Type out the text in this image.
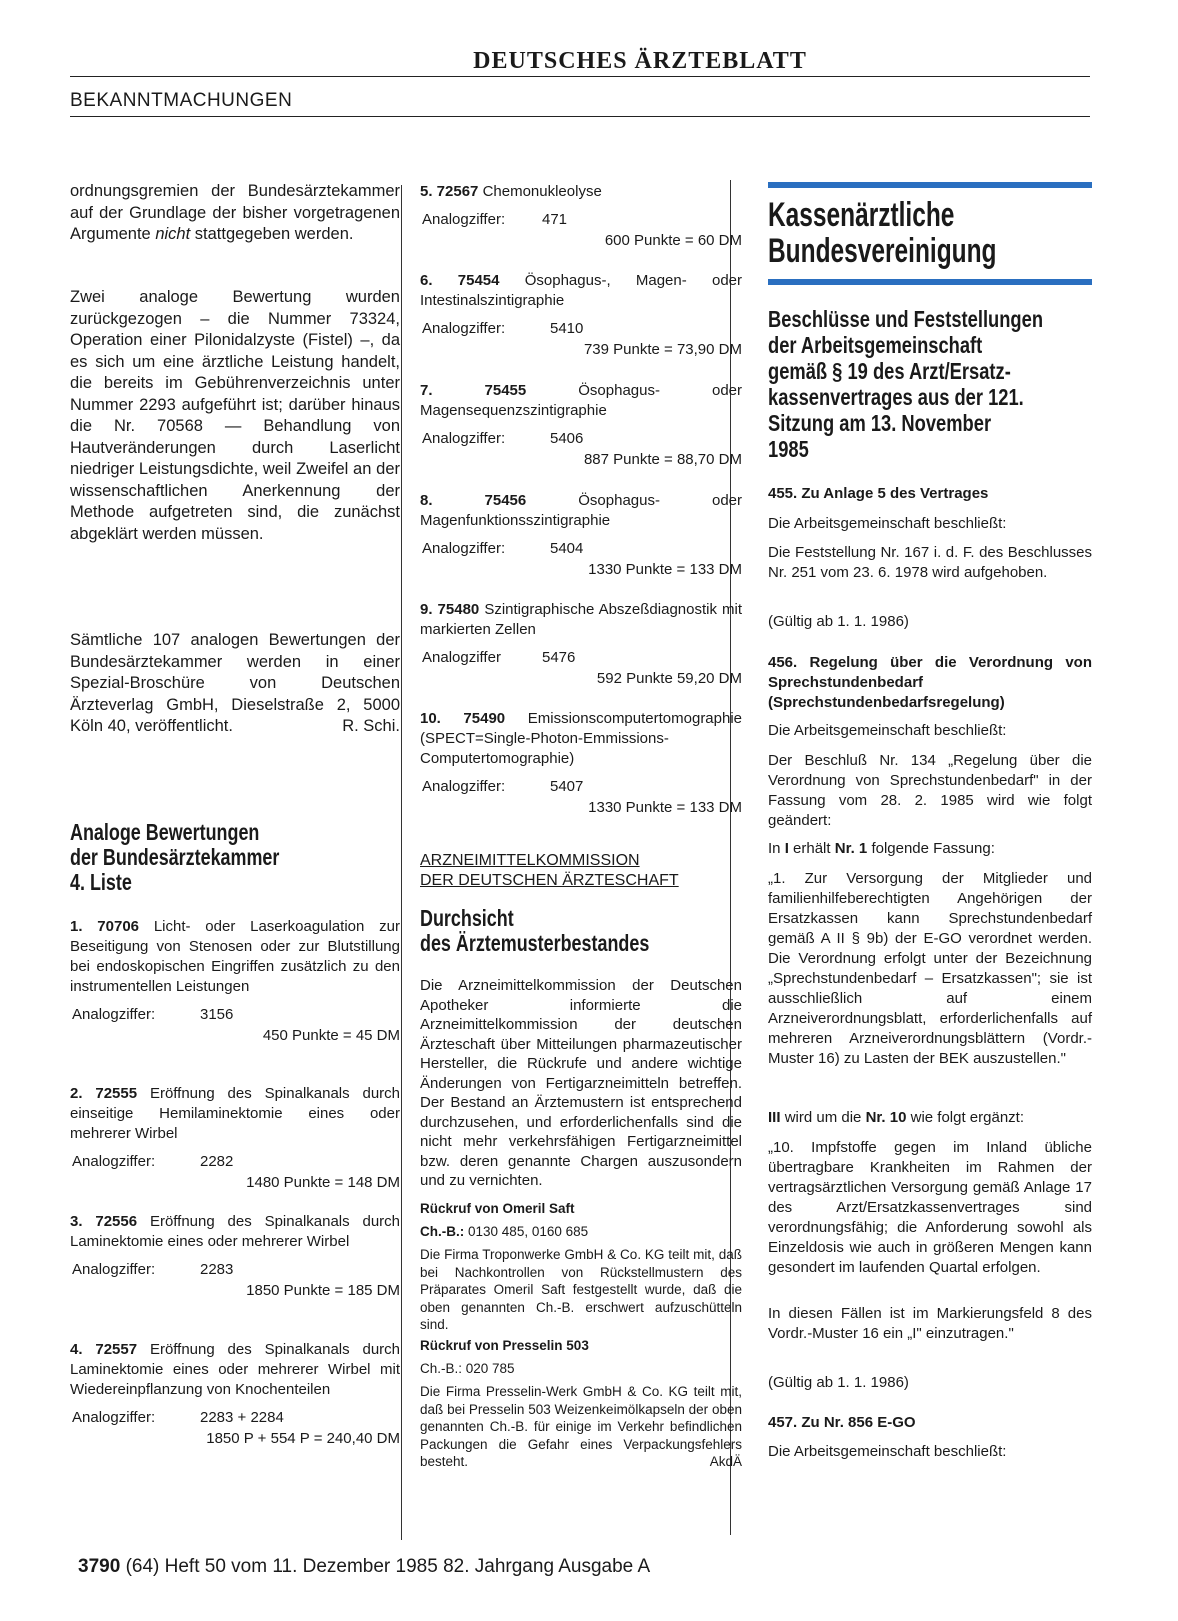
DEUTSCHES ÄRZTEBLATT
BEKANNTMACHUNGEN

ordnungsgremien der Bundesärztekammer auf der Grundlage der bisher vorgetragenen Argumente nicht stattgegeben werden.

Zwei analoge Bewertung wurden zurückgezogen – die Nummer 73324, Operation einer Pilonidalzyste (Fistel) –, da es sich um eine ärztliche Leistung handelt, die bereits im Gebührenverzeichnis unter Nummer 2293 aufgeführt ist; darüber hinaus die Nr. 70568 — Behandlung von Hautveränderungen durch Laserlicht niedriger Leistungsdichte, weil Zweifel an der wissenschaftlichen Anerkennung der Methode aufgetreten sind, die zunächst abgeklärt werden müssen.

Sämtliche 107 analogen Bewertungen der Bundesärztekammer werden in einer Spezial-Broschüre von Deutschen Ärzteverlag GmbH, Dieselstraße 2, 5000 Köln 40, veröffentlicht.	R. Schi.

Analoge Bewertungen
der Bundesärztekammer
4. Liste

1. 70706 Licht- oder Laserkoagulation zur Beseitigung von Stenosen oder zur Blutstillung bei endoskopischen Eingriffen zusätzlich zu den instrumentellen Leistungen

Analogziffer:	3156
450 Punkte = 45 DM

2. 72555 Eröffnung des Spinalkanals durch einseitige Hemilaminektomie eines oder mehrerer Wirbel

Analogziffer:	2282
1480 Punkte = 148 DM

3. 72556 Eröffnung des Spinalkanals durch Laminektomie eines oder mehrerer Wirbel

Analogziffer:	2283
1850 Punkte = 185 DM

4. 72557 Eröffnung des Spinalkanals durch Laminektomie eines oder mehrerer Wirbel mit Wiedereinpflanzung von Knochenteilen

Analogziffer:	2283 + 2284
1850 P + 554 P = 240,40 DM

5. 72567 Chemonukleolyse

Analogziffer: 471
600 Punkte = 60 DM

6. 75454 Ösophagus-, Magen- oder Intestinalszintigraphie

Analogziffer:	5410
739 Punkte = 73,90 DM

7. 75455	Ösophagus- oder Magensequenzszintigraphie

Analogziffer:	5406
887 Punkte = 88,70 DM

8. 75456	Ösophagus- oder Magenfunktionsszintigraphie

Analogziffer:	5404
1330 Punkte = 133 DM

9. 75480 Szintigraphische Abszeßdiagnostik mit markierten Zellen

Analogziffer	5476
592 Punkte 59,20 DM

10. 75490 Emissionscomputertomographie (SPECT=Single-Photon-Emmissions-Computertomographie)

Analogziffer:	5407
1330 Punkte = 133 DM
ARZNEIMITTELKOMMISSION
DER DEUTSCHEN ÄRZTESCHAFT
Durchsicht
des Ärztemusterbestandes

Die Arzneimittelkommission der Deutschen Apotheker informierte die Arzneimittelkommission der deutschen Ärzteschaft über Mitteilungen pharmazeutischer Hersteller, die Rückrufe und andere wichtige Änderungen von Fertigarzneimitteln betreffen. Der Bestand an Ärztemustern ist entsprechend durchzusehen, und erforderlichenfalls sind die nicht mehr verkehrsfähigen Fertigarzneimittel bzw. deren genannte Chargen auszusondern und zu vernichten.

Rückruf von Omeril Saft

Ch.-B.: 0130 485, 0160 685

Die Firma Troponwerke GmbH & Co. KG teilt mit, daß bei Nachkontrollen von Rückstellmustern des Präparates Omeril Saft festgestellt wurde, daß die oben genannten Ch.-B. erschwert aufzuschütteln sind.

Rückruf von Presselin 503

Ch.-B.: 020 785

Die Firma Presselin-Werk GmbH & Co. KG teilt mit, daß bei Presselin 503 Weizenkeimölkapseln der oben genannten Ch.-B. für einige im Verkehr befindlichen Packungen die Gefahr eines Verpackungsfehlers besteht.	AkdÄ

Kassenärztliche
Bundesvereinigung
Beschlüsse und Feststellungen
der Arbeitsgemeinschaft
gemäß § 19 des Arzt/Ersatz-
kassenvertrages aus der 121.
Sitzung am 13. November
1985

455. Zu Anlage 5 des Vertrages

Die Arbeitsgemeinschaft beschließt:

Die Feststellung Nr. 167 i. d. F. des Beschlusses Nr. 251 vom 23. 6. 1978 wird aufgehoben.

(Gültig ab 1. 1. 1986)

456. Regelung über die Verordnung von Sprechstundenbedarf (Sprechstundenbedarfsregelung)

Die Arbeitsgemeinschaft beschließt:

Der Beschluß Nr. 134 „Regelung über die Verordnung von Sprechstundenbedarf" in der Fassung vom 28. 2. 1985 wird wie folgt geändert:

In I erhält Nr. 1 folgende Fassung:

„1. Zur Versorgung der Mitglieder und familienhilfeberechtigten Angehörigen der Ersatzkassen kann Sprechstundenbedarf gemäß A II § 9b) der E-GO verordnet werden. Die Verordnung erfolgt unter der Bezeichnung „Sprechstundenbedarf – Ersatzkassen"; sie ist ausschließlich auf einem Arzneiverordnungsblatt, erforderlichenfalls auf mehreren Arzneiverordnungsblättern (Vordr.-Muster 16) zu Lasten der BEK auszustellen."

III wird um die Nr. 10 wie folgt ergänzt:

„10. Impfstoffe gegen im Inland übliche übertragbare Krankheiten im Rahmen der vertragsärztlichen Versorgung gemäß Anlage 17 des Arzt/Ersatzkassenvertrages sind verordnungsfähig; die Anforderung sowohl als Einzeldosis wie auch in größeren Mengen kann gesondert im laufenden Quartal erfolgen.

In diesen Fällen ist im Markierungsfeld 8 des Vordr.-Muster 16 ein „I" einzutragen."

(Gültig ab 1. 1. 1986)

457. Zu Nr. 856 E-GO

Die Arbeitsgemeinschaft beschließt:

3790 (64) Heft 50 vom 11. Dezember 1985 82. Jahrgang Ausgabe A
